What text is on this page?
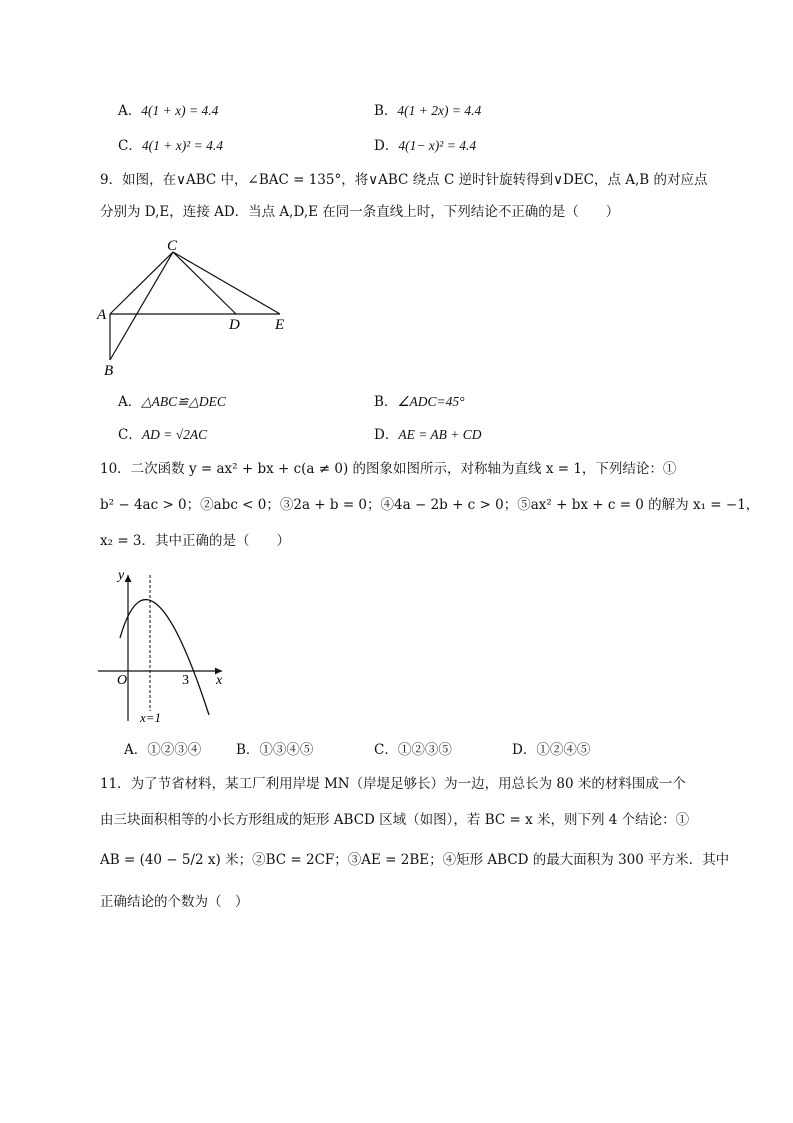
A．4(1 + x) = 4.4	B．4(1 + 2x) = 4.4
C．4(1 + x)² = 4.4	D．4(1− x)² = 4.4
9．如图，在∨ABC 中，∠BAC = 135°，将∨ABC 绕点 C 逆时针旋转得到∨DEC，点 A,B 的对应点
分别为 D,E，连接 AD．当点 A,D,E 在同一条直线上时，下列结论不正确的是（　　）
C
A
D E
B
A．△ABC≌△DEC	B．∠ADC=45°
C．AD = √2AC	D．AE = AB + CD
10．二次函数 y = ax² + bx + c(a ≠ 0) 的图象如图所示，对称轴为直线 x = 1，下列结论：①
b² − 4ac > 0；②abc < 0；③2a + b = 0；④4a − 2b + c > 0；⑤ax² + bx + c = 0 的解为 x₁ = −1，
x₂ = 3．其中正确的是（　　）
y
x
O	3
x=1
A．①②③④	B．①③④⑤	C．①②③⑤	D．①②④⑤
11．为了节省材料，某工厂利用岸堤 MN（岸堤足够长）为一边，用总长为 80 米的材料围成一个
由三块面积相等的小长方形组成的矩形 ABCD 区域（如图），若 BC = x 米，则下列 4 个结论：①
AB = (40 − 5/2 x) 米；②BC = 2CF；③AE = 2BE；④矩形 ABCD 的最大面积为 300 平方米．其中
正确结论的个数为（　）
